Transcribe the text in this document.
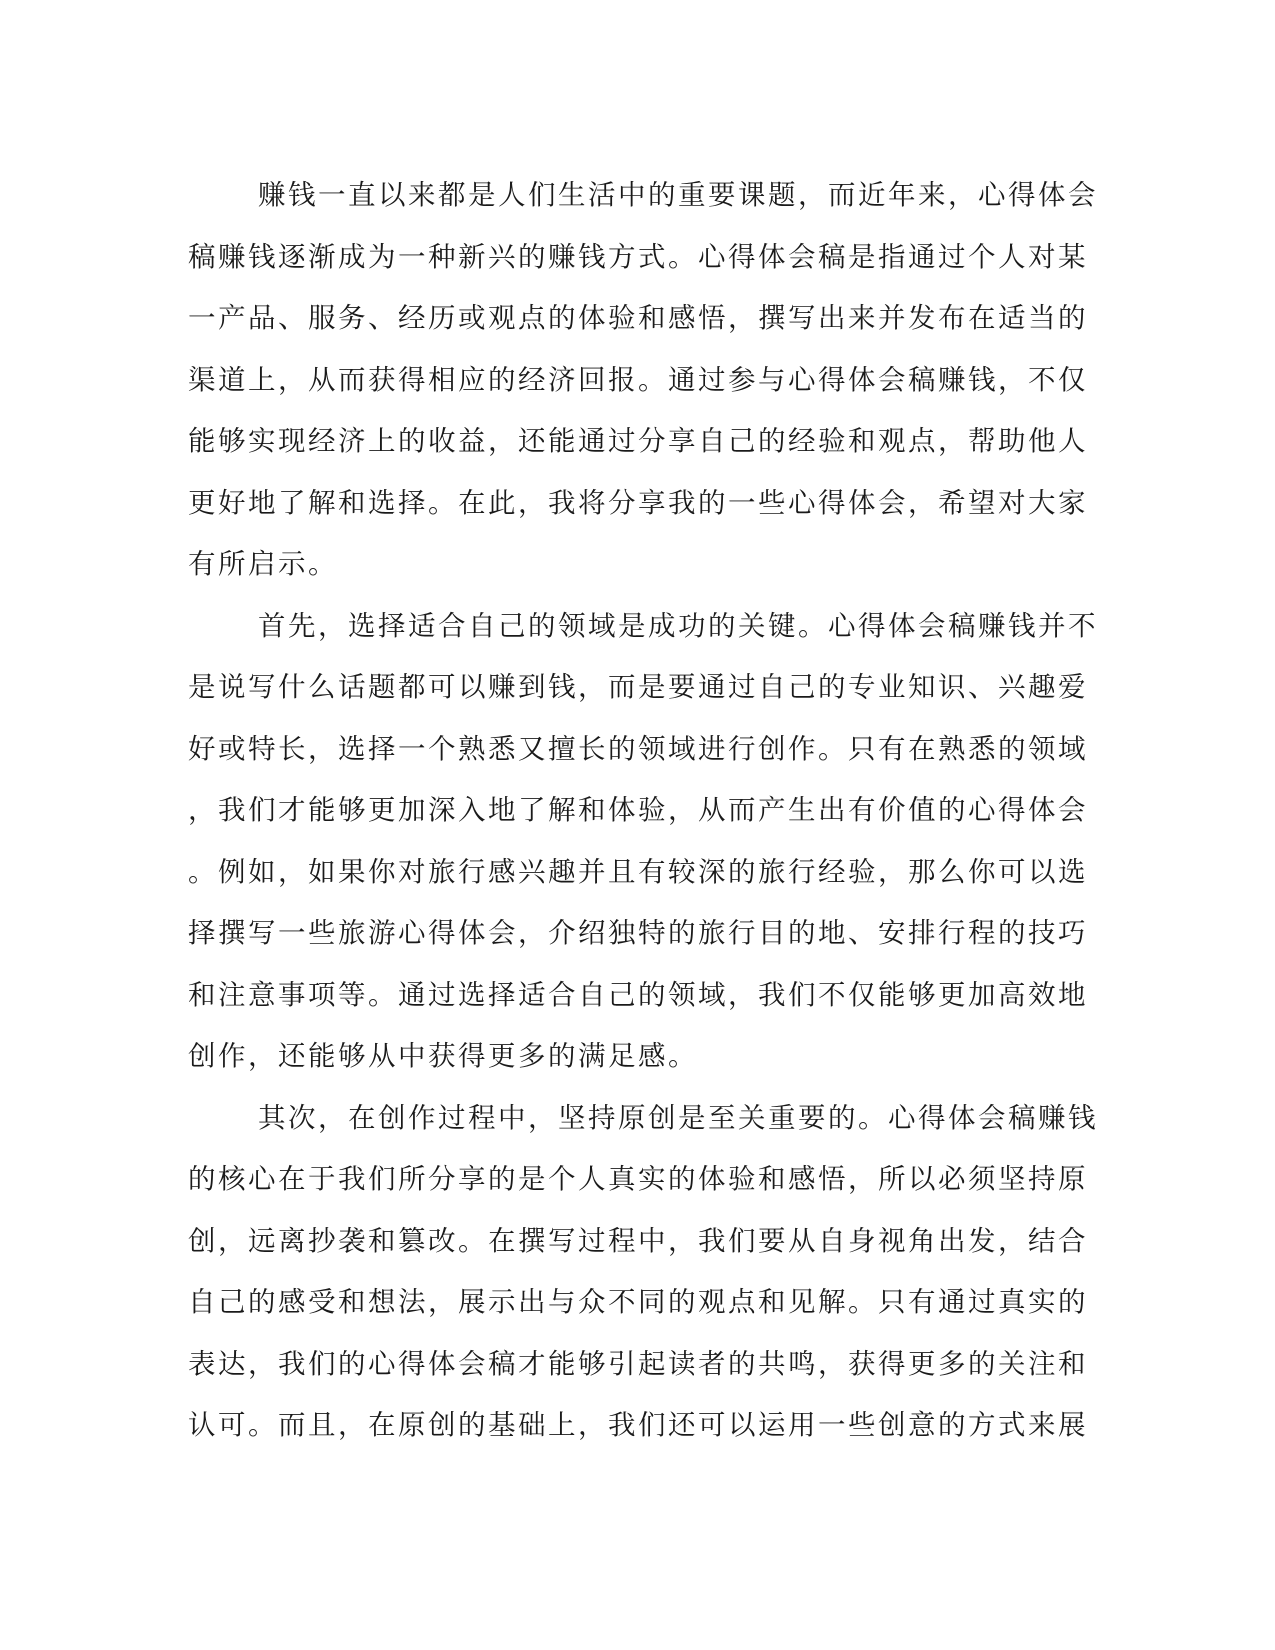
赚钱一直以来都是人们生活中的重要课题，而近年来，心得体会
稿赚钱逐渐成为一种新兴的赚钱方式。心得体会稿是指通过个人对某
一产品、服务、经历或观点的体验和感悟，撰写出来并发布在适当的
渠道上，从而获得相应的经济回报。通过参与心得体会稿赚钱，不仅
能够实现经济上的收益，还能通过分享自己的经验和观点，帮助他人
更好地了解和选择。在此，我将分享我的一些心得体会，希望对大家
有所启示。
首先，选择适合自己的领域是成功的关键。心得体会稿赚钱并不
是说写什么话题都可以赚到钱，而是要通过自己的专业知识、兴趣爱
好或特长，选择一个熟悉又擅长的领域进行创作。只有在熟悉的领域
，我们才能够更加深入地了解和体验，从而产生出有价值的心得体会
。例如，如果你对旅行感兴趣并且有较深的旅行经验，那么你可以选
择撰写一些旅游心得体会，介绍独特的旅行目的地、安排行程的技巧
和注意事项等。通过选择适合自己的领域，我们不仅能够更加高效地
创作，还能够从中获得更多的满足感。
其次，在创作过程中，坚持原创是至关重要的。心得体会稿赚钱
的核心在于我们所分享的是个人真实的体验和感悟，所以必须坚持原
创，远离抄袭和篡改。在撰写过程中，我们要从自身视角出发，结合
自己的感受和想法，展示出与众不同的观点和见解。只有通过真实的
表达，我们的心得体会稿才能够引起读者的共鸣，获得更多的关注和
认可。而且，在原创的基础上，我们还可以运用一些创意的方式来展
